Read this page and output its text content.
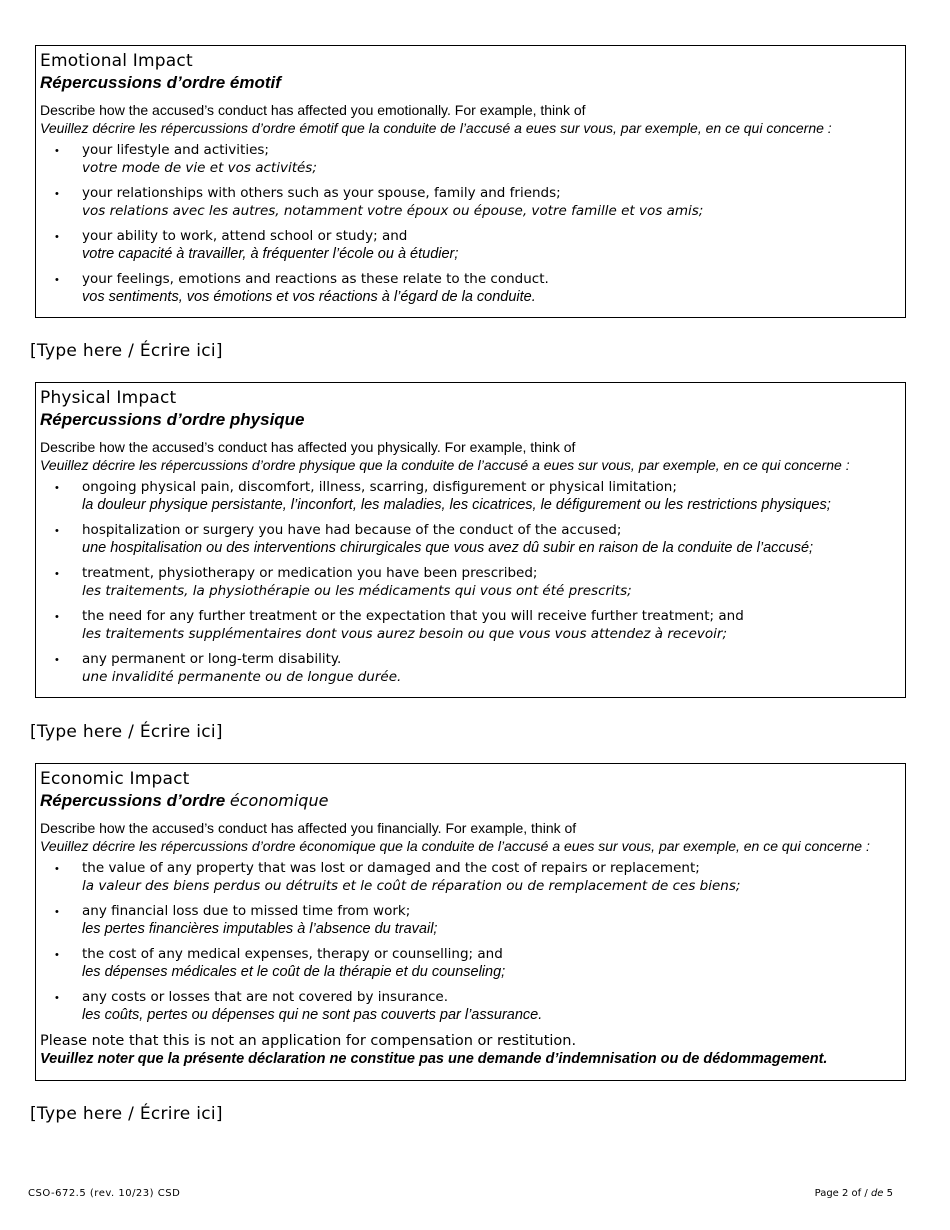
Emotional Impact
Répercussions d’ordre émotif
Describe how the accused’s conduct has affected you emotionally. For example, think of
Veuillez décrire les répercussions d’ordre émotif que la conduite de l’accusé a eues sur vous, par exemple, en ce qui concerne :
• your lifestyle and activities;
votre mode de vie et vos activités;
• your relationships with others such as your spouse, family and friends;
vos relations avec les autres, notamment votre époux ou épouse, votre famille et vos amis;
• your ability to work, attend school or study; and
votre capacité à travailler, à fréquenter l’école ou à étudier;
• your feelings, emotions and reactions as these relate to the conduct.
vos sentiments, vos émotions et vos réactions à l’égard de la conduite.
[Type here / Écrire ici]
Physical Impact
Répercussions d’ordre physique
Describe how the accused’s conduct has affected you physically. For example, think of
Veuillez décrire les répercussions d’ordre physique que la conduite de l’accusé a eues sur vous, par exemple, en ce qui concerne :
• ongoing physical pain, discomfort, illness, scarring, disfigurement or physical limitation;
la douleur physique persistante, l’inconfort, les maladies, les cicatrices, le défigurement ou les restrictions physiques;
• hospitalization or surgery you have had because of the conduct of the accused;
une hospitalisation ou des interventions chirurgicales que vous avez dû subir en raison de la conduite de l’accusé;
• treatment, physiotherapy or medication you have been prescribed;
les traitements, la physiothérapie ou les médicaments qui vous ont été prescrits;
• the need for any further treatment or the expectation that you will receive further treatment; and
les traitements supplémentaires dont vous aurez besoin ou que vous vous attendez à recevoir;
• any permanent or long-term disability.
une invalidité permanente ou de longue durée.
[Type here / Écrire ici]
Economic Impact
Répercussions d’ordre économique
Describe how the accused’s conduct has affected you financially. For example, think of
Veuillez décrire les répercussions d’ordre économique que la conduite de l’accusé a eues sur vous, par exemple, en ce qui concerne :
• the value of any property that was lost or damaged and the cost of repairs or replacement;
la valeur des biens perdus ou détruits et le coût de réparation ou de remplacement de ces biens;
• any financial loss due to missed time from work;
les pertes financières imputables à l’absence du travail;
• the cost of any medical expenses, therapy or counselling; and
les dépenses médicales et le coût de la thérapie et du counseling;
• any costs or losses that are not covered by insurance.
les coûts, pertes ou dépenses qui ne sont pas couverts par l’assurance.
Please note that this is not an application for compensation or restitution.
Veuillez noter que la présente déclaration ne constitue pas une demande d’indemnisation ou de dédommagement.
[Type here / Écrire ici]
CSO-672.5 (rev. 10/23) CSD	Page 2 of / de 5
